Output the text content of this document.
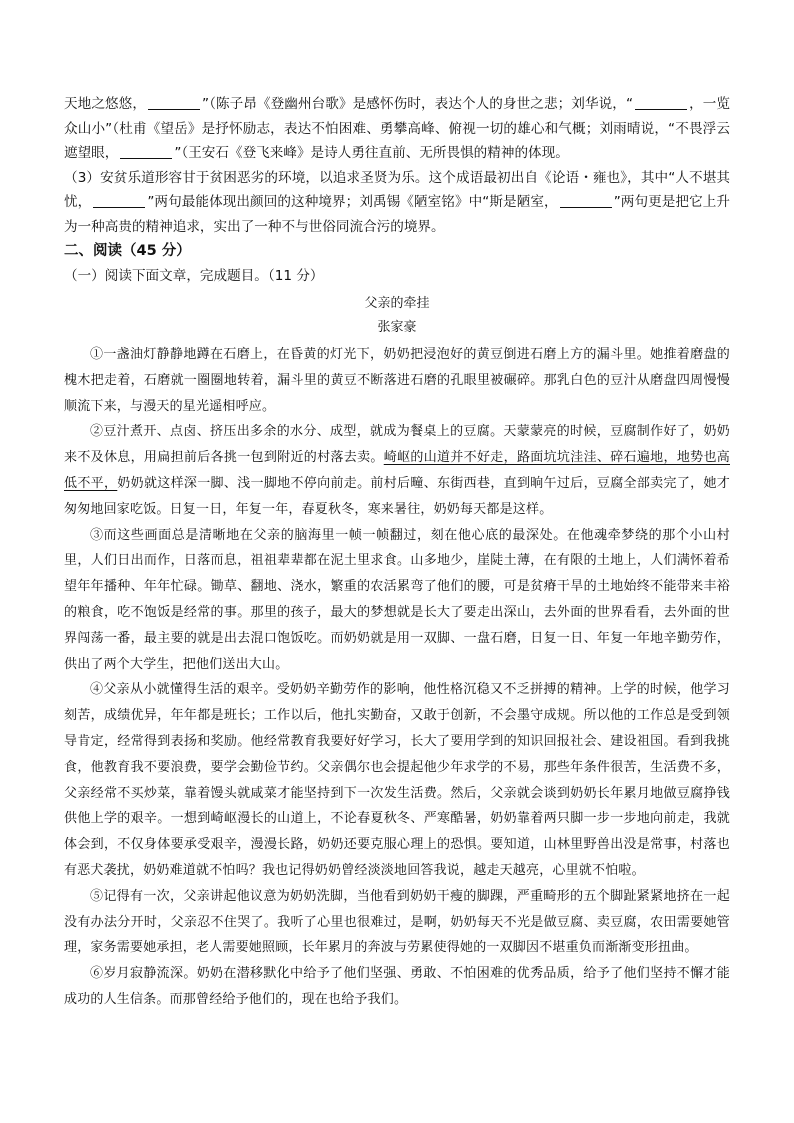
天地之悠悠，	”（陈子昂《登幽州台歌》是感怀伤时，表达个人的身世之悲；刘华说，“	，一览众山小”（杜甫《望岳》是抒怀励志，表达不怕困难、勇攀高峰、俯视一切的雄心和气概；刘雨晴说，“不畏浮云遮望眼，	”（王安石《登飞来峰》是诗人勇往直前、无所畏惧的精神的体现。

（3）安贫乐道形容甘于贫困恶劣的环境，以追求圣贤为乐。这个成语最初出自《论语・雍也》，其中“人不堪其忧，	”两句最能体现出颜回的这种境界；刘禹锡《陋室铭》中“斯是陋室，	”两句更是把它上升为一种高贵的精神追求，实出了一种不与世俗同流合污的境界。

二、阅读（45 分）

（一）阅读下面文章，完成题目。（11 分）

父亲的牵挂

张家豪

①一盏油灯静静地蹲在石磨上，在昏黄的灯光下，奶奶把浸泡好的黄豆倒进石磨上方的漏斗里。她推着磨盘的槐木把走着，石磨就一圈圈地转着，漏斗里的黄豆不断落进石磨的孔眼里被碾碎。那乳白色的豆汁从磨盘四周慢慢顺流下来，与漫天的星光遥相呼应。

②豆汁煮开、点卤、挤压出多余的水分、成型，就成为餐桌上的豆腐。天蒙蒙亮的时候，豆腐制作好了，奶奶来不及休息，用扁担前后各挑一包到附近的村落去卖。崎岖的山道并不好走，路面坑坑洼洼、碎石遍地，地势也高低不平，奶奶就这样深一脚、浅一脚地不停向前走。前村后疃、东街西巷，直到晌午过后，豆腐全部卖完了，她才匆匆地回家吃饭。日复一日，年复一年，春夏秋冬，寒来暑往，奶奶每天都是这样。

③而这些画面总是清晰地在父亲的脑海里一帧一帧翻过，刻在他心底的最深处。在他魂牵梦绕的那个小山村里，人们日出而作，日落而息，祖祖辈辈都在泥土里求食。山多地少，崖陡土薄，在有限的土地上，人们满怀着希望年年播种、年年忙碌。锄草、翻地、浇水，繁重的农活累弯了他们的腰，可是贫瘠干旱的土地始终不能带来丰裕的粮食，吃不饱饭是经常的事。那里的孩子，最大的梦想就是长大了要走出深山，去外面的世界看看，去外面的世界闯荡一番，最主要的就是出去混口饱饭吃。而奶奶就是用一双脚、一盘石磨，日复一日、年复一年地辛勤劳作，供出了两个大学生，把他们送出大山。

④父亲从小就懂得生活的艰辛。受奶奶辛勤劳作的影响，他性格沉稳又不乏拼搏的精神。上学的时候，他学习刻苦，成绩优异，年年都是班长；工作以后，他扎实勤奋，又敢于创新，不会墨守成规。所以他的工作总是受到领导肯定，经常得到表扬和奖励。他经常教育我要好好学习，长大了要用学到的知识回报社会、建设祖国。看到我挑食，他教育我不要浪费，要学会勤俭节约。父亲偶尔也会提起他少年求学的不易，那些年条件很苦，生活费不多，父亲经常不买炒菜，靠着馒头就咸菜才能坚持到下一次发生活费。然后，父亲就会谈到奶奶长年累月地做豆腐挣钱供他上学的艰辛。一想到崎岖漫长的山道上，不论春夏秋冬、严寒酷暑，奶奶靠着两只脚一步一步地向前走，我就体会到，不仅身体要承受艰辛，漫漫长路，奶奶还要克服心理上的恐惧。要知道，山林里野兽出没是常事，村落也有恶犬袭扰，奶奶难道就不怕吗？我也记得奶奶曾经淡淡地回答我说，越走天越亮，心里就不怕啦。

⑤记得有一次，父亲讲起他议意为奶奶洗脚，当他看到奶奶干瘦的脚踝，严重畸形的五个脚趾紧紧地挤在一起没有办法分开时，父亲忍不住哭了。我听了心里也很难过，是啊，奶奶每天不光是做豆腐、卖豆腐，农田需要她管理，家务需要她承担，老人需要她照顾，长年累月的奔波与劳累使得她的一双脚因不堪重负而渐渐变形扭曲。

⑥岁月寂静流深。奶奶在潜移默化中给予了他们坚强、勇敢、不怕困难的优秀品质，给予了他们坚持不懈才能成功的人生信条。而那曾经给予他们的，现在也给予我们。
